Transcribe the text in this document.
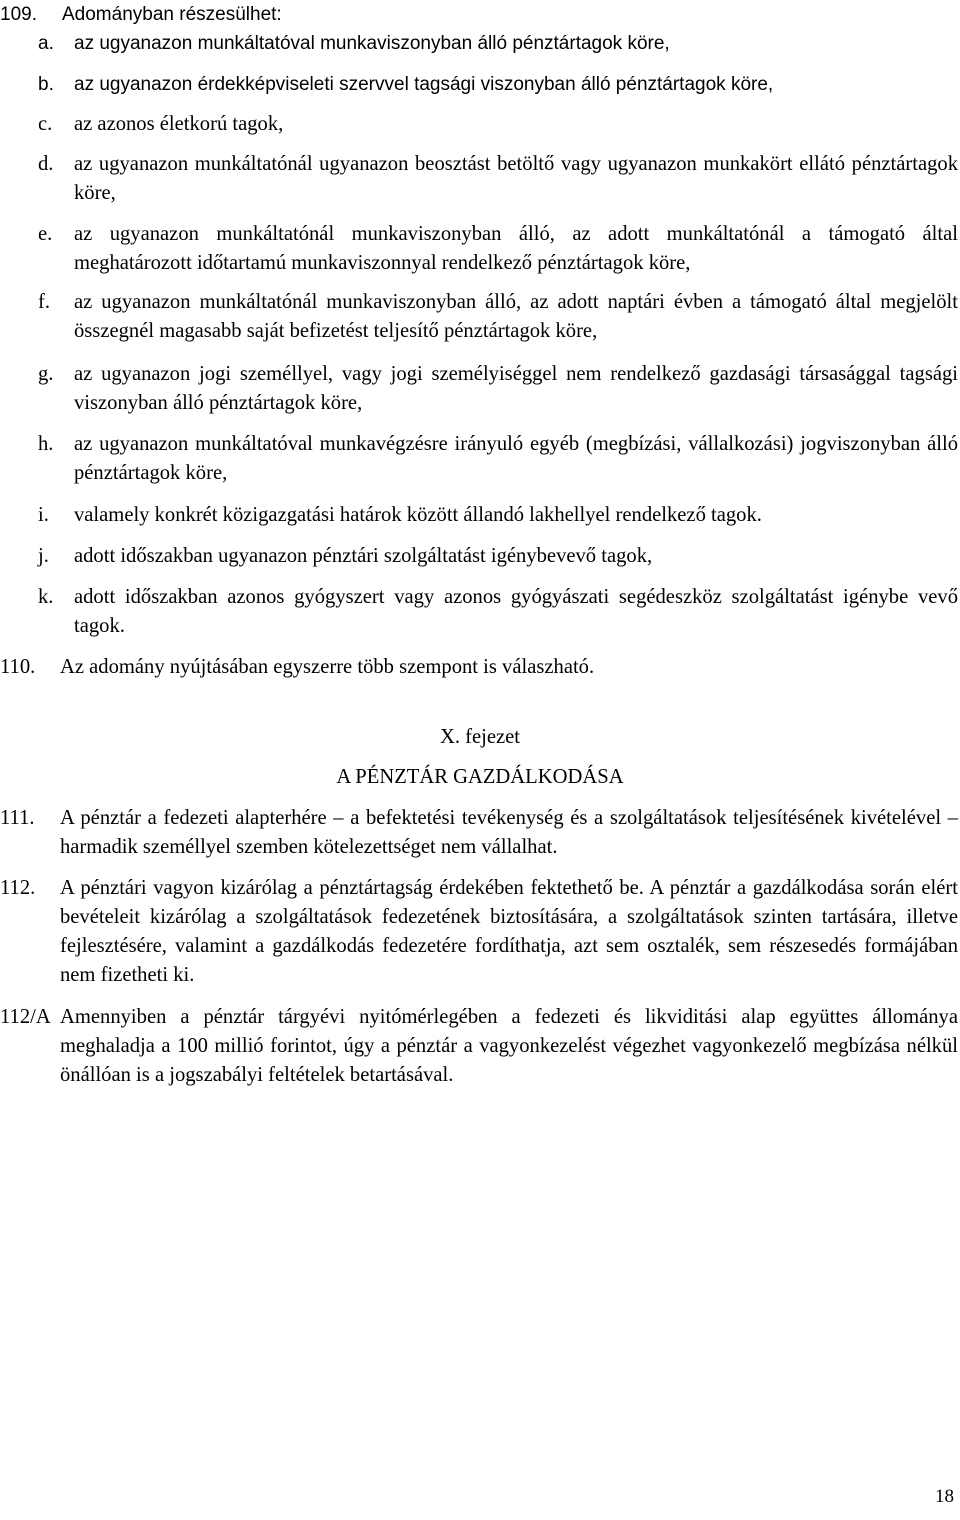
109.	Adományban részesülhet:
a.	az ugyanazon munkáltatóval munkaviszonyban álló pénztártagok köre,
b.	az ugyanazon érdekképviseleti szervvel tagsági viszonyban álló pénztártagok köre,
c.	az azonos életkorú tagok,
d. az ugyanazon munkáltatónál ugyanazon beosztást betöltő vagy ugyanazon munkakört ellátó pénztártagok köre,
e.	az ugyanazon munkáltatónál munkaviszonyban álló, az adott munkáltatónál a támogató által meghatározott időtartamú munkaviszonnyal rendelkező pénztártagok köre,
f.	az ugyanazon munkáltatónál munkaviszonyban álló, az adott naptári évben a támogató által megjelölt összegnél magasabb saját befizetést teljesítő pénztártagok köre,
g. az ugyanazon jogi személlyel, vagy jogi személyiséggel nem rendelkező gazdasági társasággal tagsági viszonyban álló pénztártagok köre,
h. az ugyanazon munkáltatóval munkavégzésre irányuló egyéb (megbízási, vállalkozási) jogviszonyban álló pénztártagok köre,
i.	valamely konkrét közigazgatási határok között állandó lakhellyel rendelkező tagok.
j.	adott időszakban ugyanazon pénztári szolgáltatást igénybevevő tagok,
k. adott időszakban azonos gyógyszert vagy azonos gyógyászati segédeszköz szolgáltatást igénybe vevő tagok.
110.	Az adomány nyújtásában egyszerre több szempont is válaszható.
X. fejezet
A PÉNZTÁR GAZDÁLKODÁSA
111.	A pénztár a fedezeti alapterhére – a befektetési tevékenység és a szolgáltatások teljesítésének kivételével – harmadik személlyel szemben kötelezettséget nem vállalhat.
112.	A pénztári vagyon kizárólag a pénztártagság érdekében fektethető be. A pénztár a gazdálkodása során elért bevételeit kizárólag a szolgáltatások fedezetének biztosítására, a szolgáltatások szinten tartására, illetve fejlesztésére, valamint a gazdálkodás fedezetére fordíthatja, azt sem osztalék, sem részesedés formájában nem fizetheti ki.
112/A Amennyiben a pénztár tárgyévi nyitómérlegében a fedezeti és likviditási alap együttes állománya meghaladja a 100 millió forintot, úgy a pénztár a vagyonkezelést végezhet vagyonkezelő megbízása nélkül önállóan is a jogszabályi feltételek betartásával.
18
